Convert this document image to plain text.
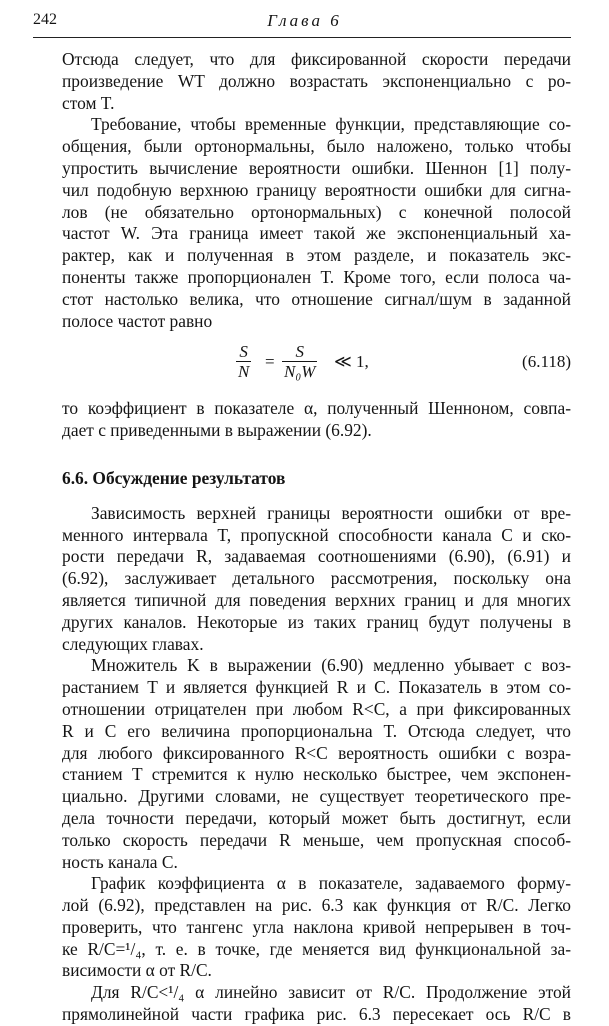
242	Глава 6
Отсюда следует, что для фиксированной скорости передачи
произведение WT должно возрастать экспоненциально с ро-
стом T.
Требование, чтобы временные функции, представляющие со-
общения, были ортонормальны, было наложено, только чтобы
упростить вычисление вероятности ошибки. Шеннон [1] полу-
чил подобную верхнюю границу вероятности ошибки для сигна-
лов (не обязательно ортонормальных) с конечной полосой
частот W. Эта граница имеет такой же экспоненциальный ха-
рактер, как и полученная в этом разделе, и показатель экс-
поненты также пропорционален T. Кроме того, если полоса ча-
стот настолько велика, что отношение сигнал/шум в заданной
полосе частот равно
$\frac{S}{N} = \frac{S}{\text{N₀W}}$ ≪ 1,	(6.118)
то коэффициент в показателе α, полученный Шенноном, совпа-
дает с приведенными в выражении (6.92).
6.6. Обсуждение результатов
Зависимость верхней границы вероятности ошибки от вре-
менного интервала T, пропускной способности канала C и ско-
рости передачи R, задаваемая соотношениями (6.90), (6.91) и
(6.92), заслуживает детального рассмотрения, поскольку она
является типичной для поведения верхних границ и для многих
других каналов. Некоторые из таких границ будут получены в
следующих главах.
Множитель K в выражении (6.90) медленно убывает с воз-
растанием T и является функцией R и C. Показатель в этом со-
отношении отрицателен при любом R<C, а при фиксированных
R и C его величина пропорциональна T. Отсюда следует, что
для любого фиксированного R<C вероятность ошибки с возра-
станием T стремится к нулю несколько быстрее, чем экспонен-
циально. Другими словами, не существует теоретического пре-
дела точности передачи, который может быть достигнут, если
только скорость передачи R меньше, чем пропускная способ-
ность канала C.
График коэффициента α в показателе, задаваемого форму-
лой (6.92), представлен на рис. 6.3 как функция от R/C. Легко
проверить, что тангенс угла наклона кривой непрерывен в точ-
ке R/C=¹/₄, т. е. в точке, где меняется вид функциональной за-
висимости α от R/C.
Для R/C<¹/₄ α линейно зависит от R/C. Продолжение этой
прямолинейной части графика рис. 6.3 пересекает ось R/C в
